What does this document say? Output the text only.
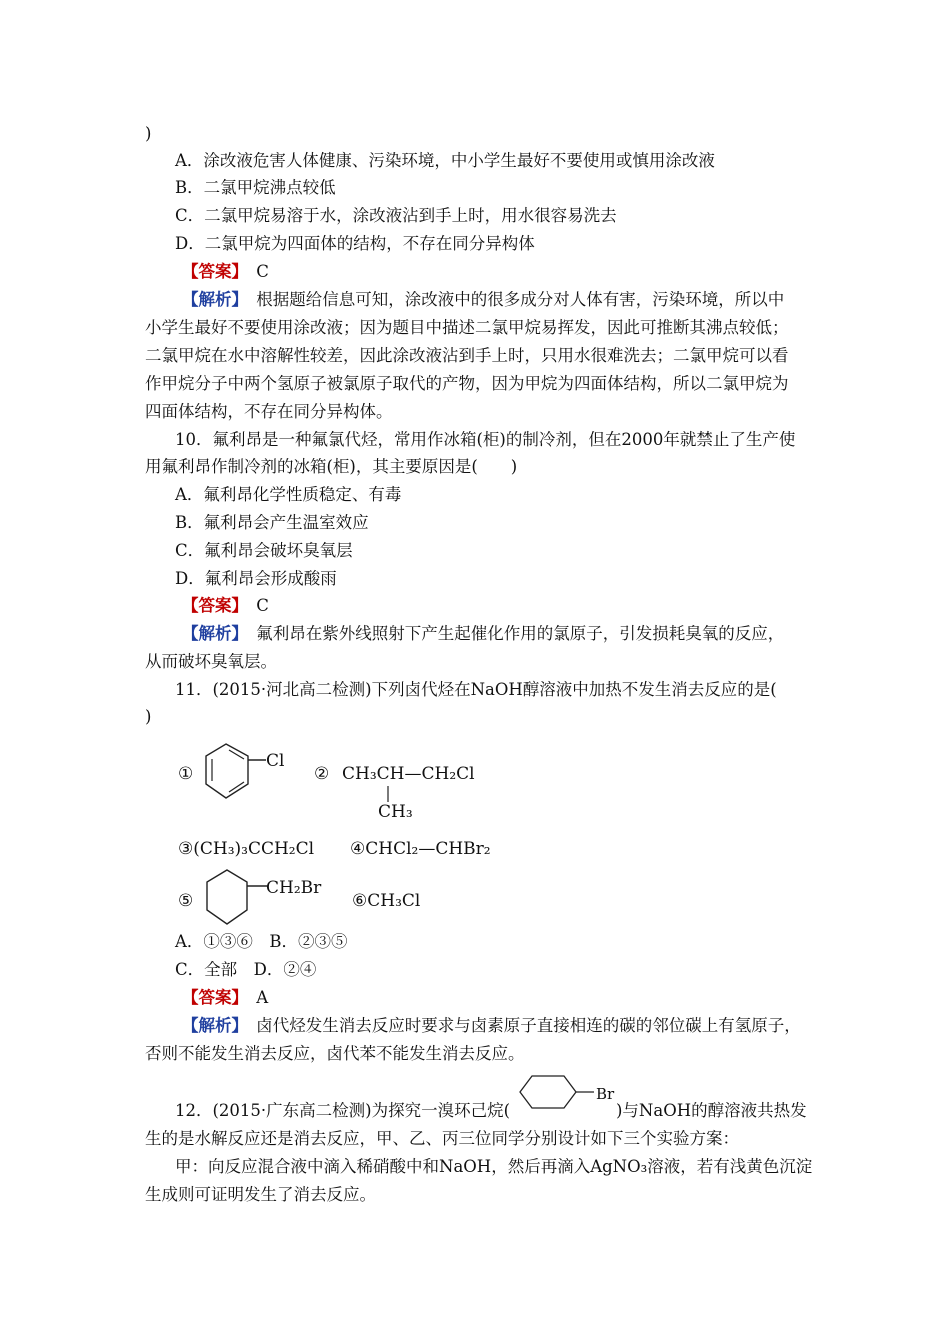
)
A．涂改液危害人体健康、污染环境，中小学生最好不要使用或慎用涂改液
B．二氯甲烷沸点较低
C．二氯甲烷易溶于水，涂改液沾到手上时，用水很容易洗去
D．二氯甲烷为四面体的结构，不存在同分异构体
【答案】　 C
【解析】　 根据题给信息可知，涂改液中的很多成分对人体有害，污染环境，所以中
小学生最好不要使用涂改液；因为题目中描述二氯甲烷易挥发，因此可推断其沸点较低；
二氯甲烷在水中溶解性较差，因此涂改液沾到手上时，只用水很难洗去；二氯甲烷可以看
作甲烷分子中两个氢原子被氯原子取代的产物，因为甲烷为四面体结构，所以二氯甲烷为
四面体结构，不存在同分异构体。
10．氟利昂是一种氟氯代烃，常用作冰箱(柜)的制冷剂，但在2000年就禁止了生产使
用氟利昂作制冷剂的冰箱(柜)，其主要原因是(　　)
A．氟利昂化学性质稳定、有毒
B．氟利昂会产生温室效应
C．氟利昂会破坏臭氧层
D．氟利昂会形成酸雨
【答案】　 C
【解析】　 氟利昂在紫外线照射下产生起催化作用的氯原子，引发损耗臭氧的反应，
从而破坏臭氧层。
11．(2015·河北高二检测)下列卤代烃在NaOH醇溶液中加热不发生消去反应的是(
)
①
Cl
② CH₃CH—CH₂Cl
CH₃
③(CH₃)₃CCH₂Cl ④CHCl₂—CHBr₂
⑤
CH₂Br
⑥CH₃Cl
A．①③⑥　B．②③⑤
C．全部　D．②④
【答案】　 A
【解析】　 卤代烃发生消去反应时要求与卤素原子直接相连的碳的邻位碳上有氢原子，
否则不能发生消去反应，卤代苯不能发生消去反应。
12．(2015·广东高二检测)为探究一溴环己烷(
Br
)与NaOH的醇溶液共热发
生的是水解反应还是消去反应，甲、乙、丙三位同学分别设计如下三个实验方案：
甲：向反应混合液中滴入稀硝酸中和NaOH，然后再滴入AgNO₃溶液，若有浅黄色沉淀
生成则可证明发生了消去反应。
